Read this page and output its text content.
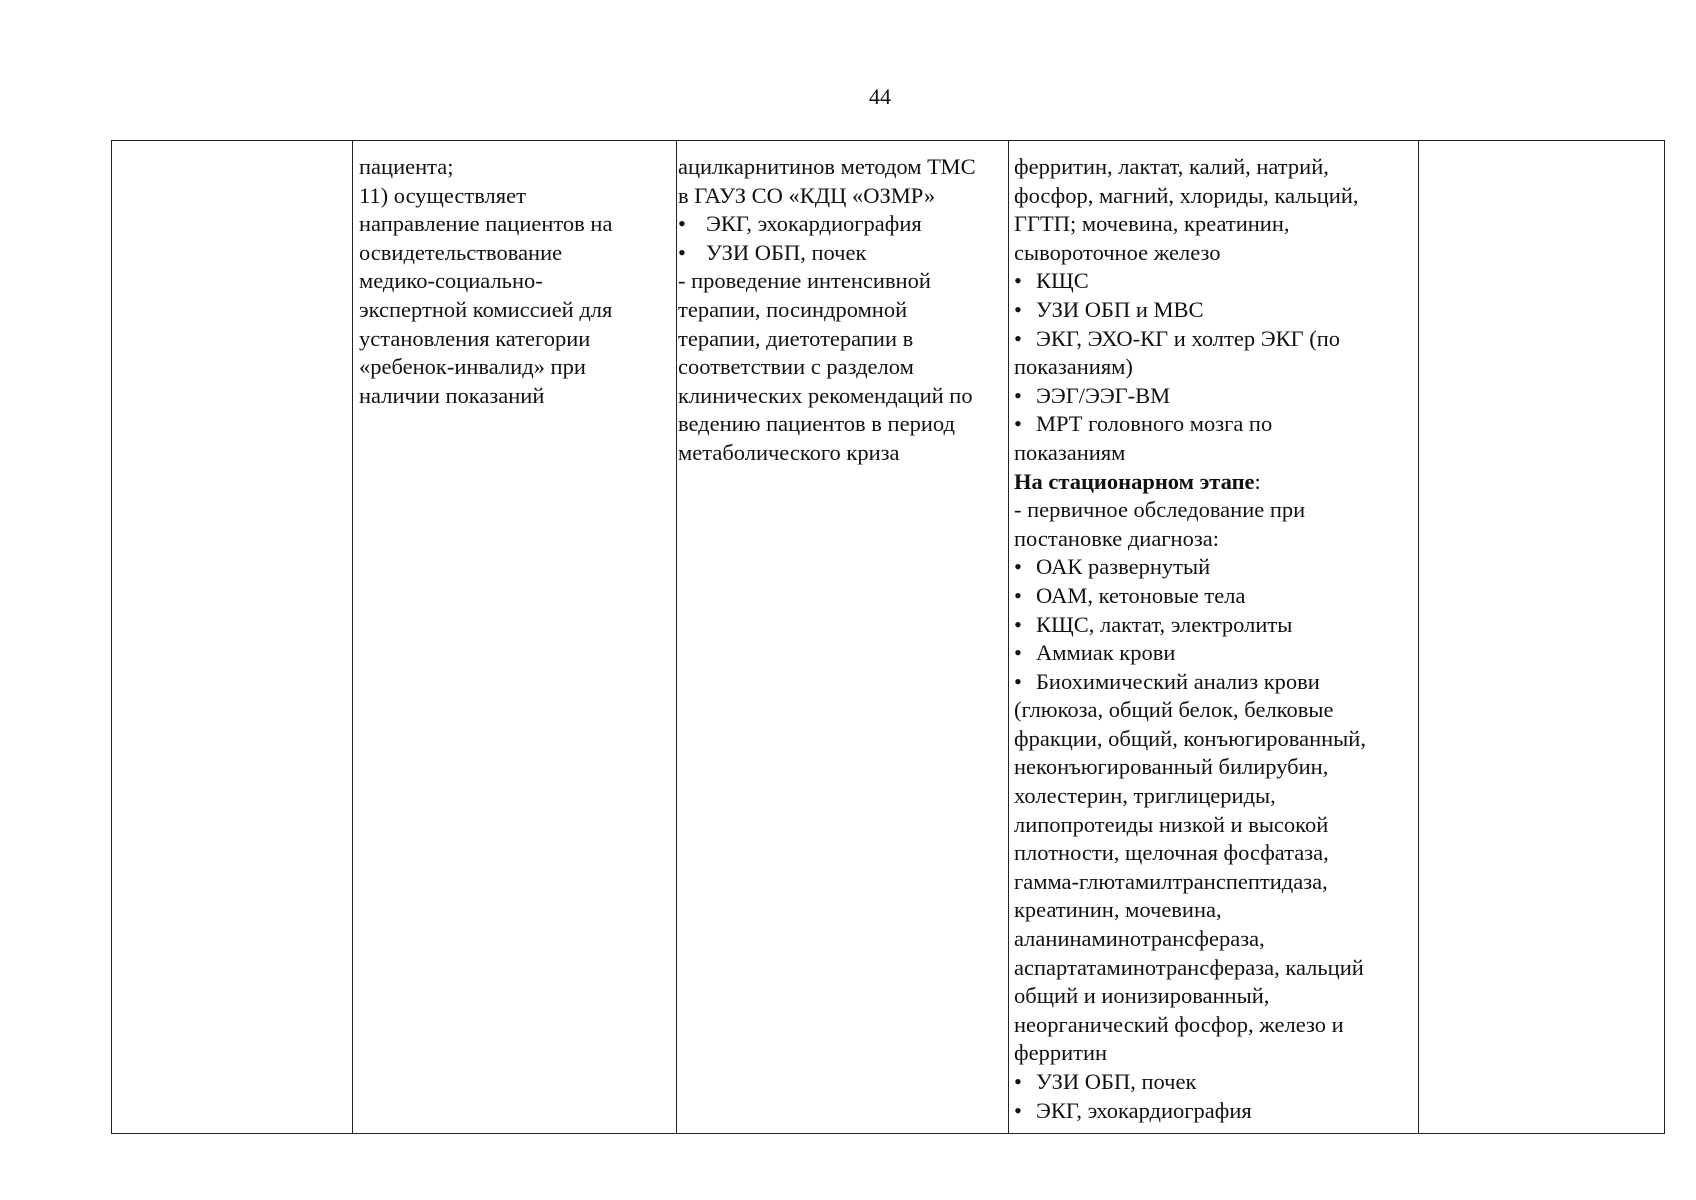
44

пациента;
11) осуществляет
направление пациентов на
освидетельствование
медико-социально-
экспертной комиссией для
установления категории
«ребенок-инвалид» при
наличии показаний

ацилкарнитинов методом ТМС
в ГАУЗ СО «КДЦ «ОЗМР»
• ЭКГ, эхокардиография
• УЗИ ОБП, почек
- проведение интенсивной
терапии, посиндромной
терапии, диетотерапии в
соответствии с разделом
клинических рекомендаций по
ведению пациентов в период
метаболического криза

ферритин, лактат, калий, натрий,
фосфор, магний, хлориды, кальций,
ГГТП; мочевина, креатинин,
сывороточное железо
• КЩС
• УЗИ ОБП и МВС
• ЭКГ, ЭХО-КГ и холтер ЭКГ (по
показаниям)
• ЭЭГ/ЭЭГ-ВМ
• МРТ головного мозга по
показаниям
На стационарном этапе:
- первичное обследование при
постановке диагноза:
• ОАК развернутый
• ОАМ, кетоновые тела
• КЩС, лактат, электролиты
• Аммиак крови
• Биохимический анализ крови
(глюкоза, общий белок, белковые
фракции, общий, конъюгированный,
неконъюгированный билирубин,
холестерин, триглицериды,
липопротеиды низкой и высокой
плотности, щелочная фосфатаза,
гамма-глютамилтранспептидаза,
креатинин, мочевина,
аланинаминотрансфераза,
аспартатаминотрансфераза, кальций
общий и ионизированный,
неорганический фосфор, железо и
ферритин
• УЗИ ОБП, почек
• ЭКГ, эхокардиография
